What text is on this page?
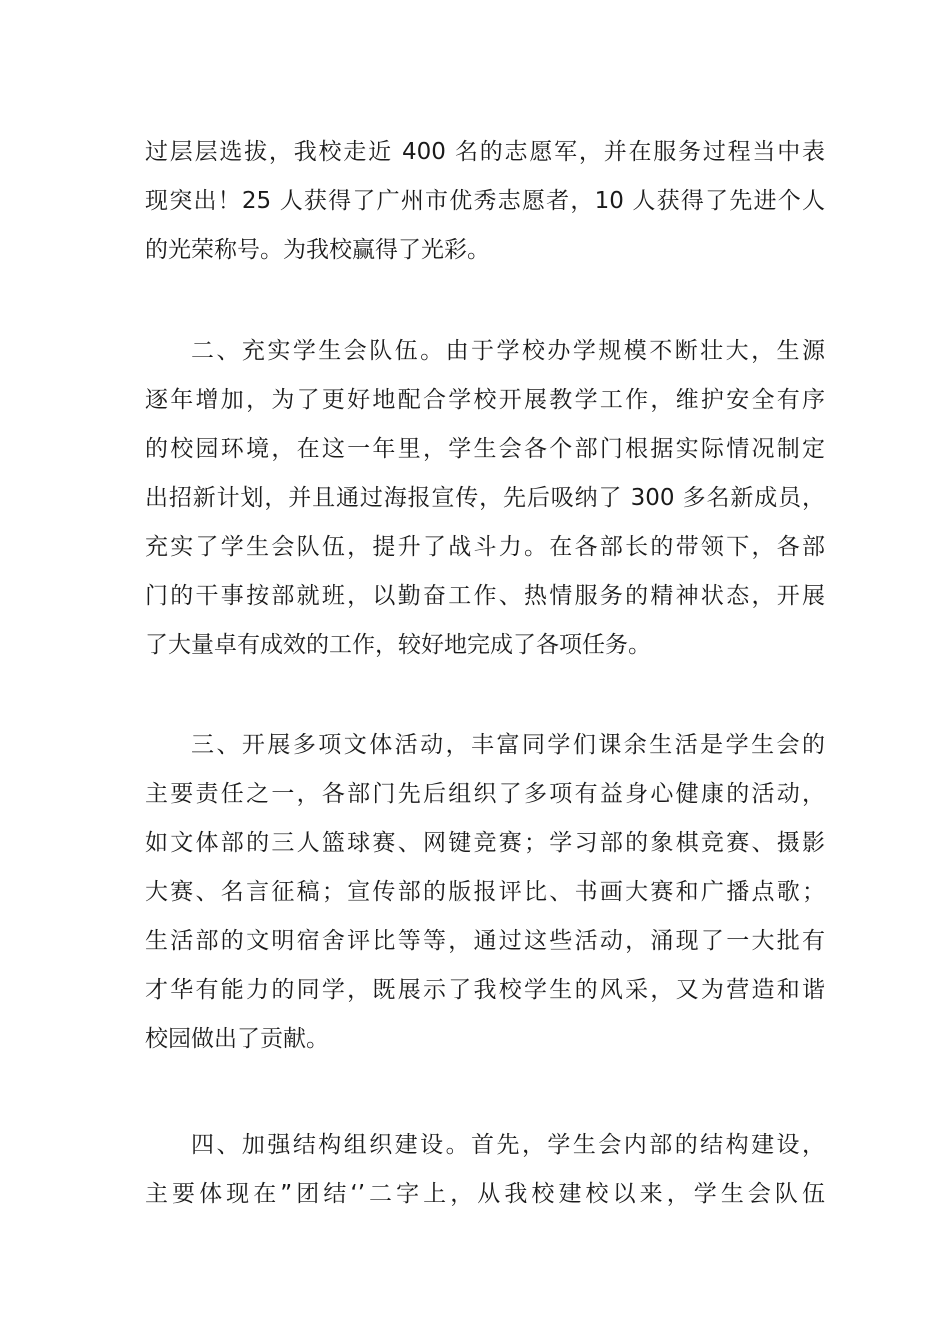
过层层选拔，我校走近 400 名的志愿军，并在服务过程当中表
现突出！25 人获得了广州市优秀志愿者，10 人获得了先进个人
的光荣称号。为我校赢得了光彩。
二、充实学生会队伍。由于学校办学规模不断壮大，生源
逐年增加，为了更好地配合学校开展教学工作，维护安全有序
的校园环境，在这一年里，学生会各个部门根据实际情况制定
出招新计划，并且通过海报宣传，先后吸纳了 300 多名新成员，
充实了学生会队伍，提升了战斗力。在各部长的带领下，各部
门的干事按部就班，以勤奋工作、热情服务的精神状态，开展
了大量卓有成效的工作，较好地完成了各项任务。
三、开展多项文体活动，丰富同学们课余生活是学生会的
主要责任之一，各部门先后组织了多项有益身心健康的活动，
如文体部的三人篮球赛、网键竞赛；学习部的象棋竞赛、摄影
大赛、名言征稿；宣传部的版报评比、书画大赛和广播点歌；
生活部的文明宿舍评比等等，通过这些活动，涌现了一大批有
才华有能力的同学，既展示了我校学生的风采，又为营造和谐
校园做出了贡献。
四、加强结构组织建设。首先，学生会内部的结构建设，
主要体现在”团结‘’二字上，从我校建校以来，学生会队伍
